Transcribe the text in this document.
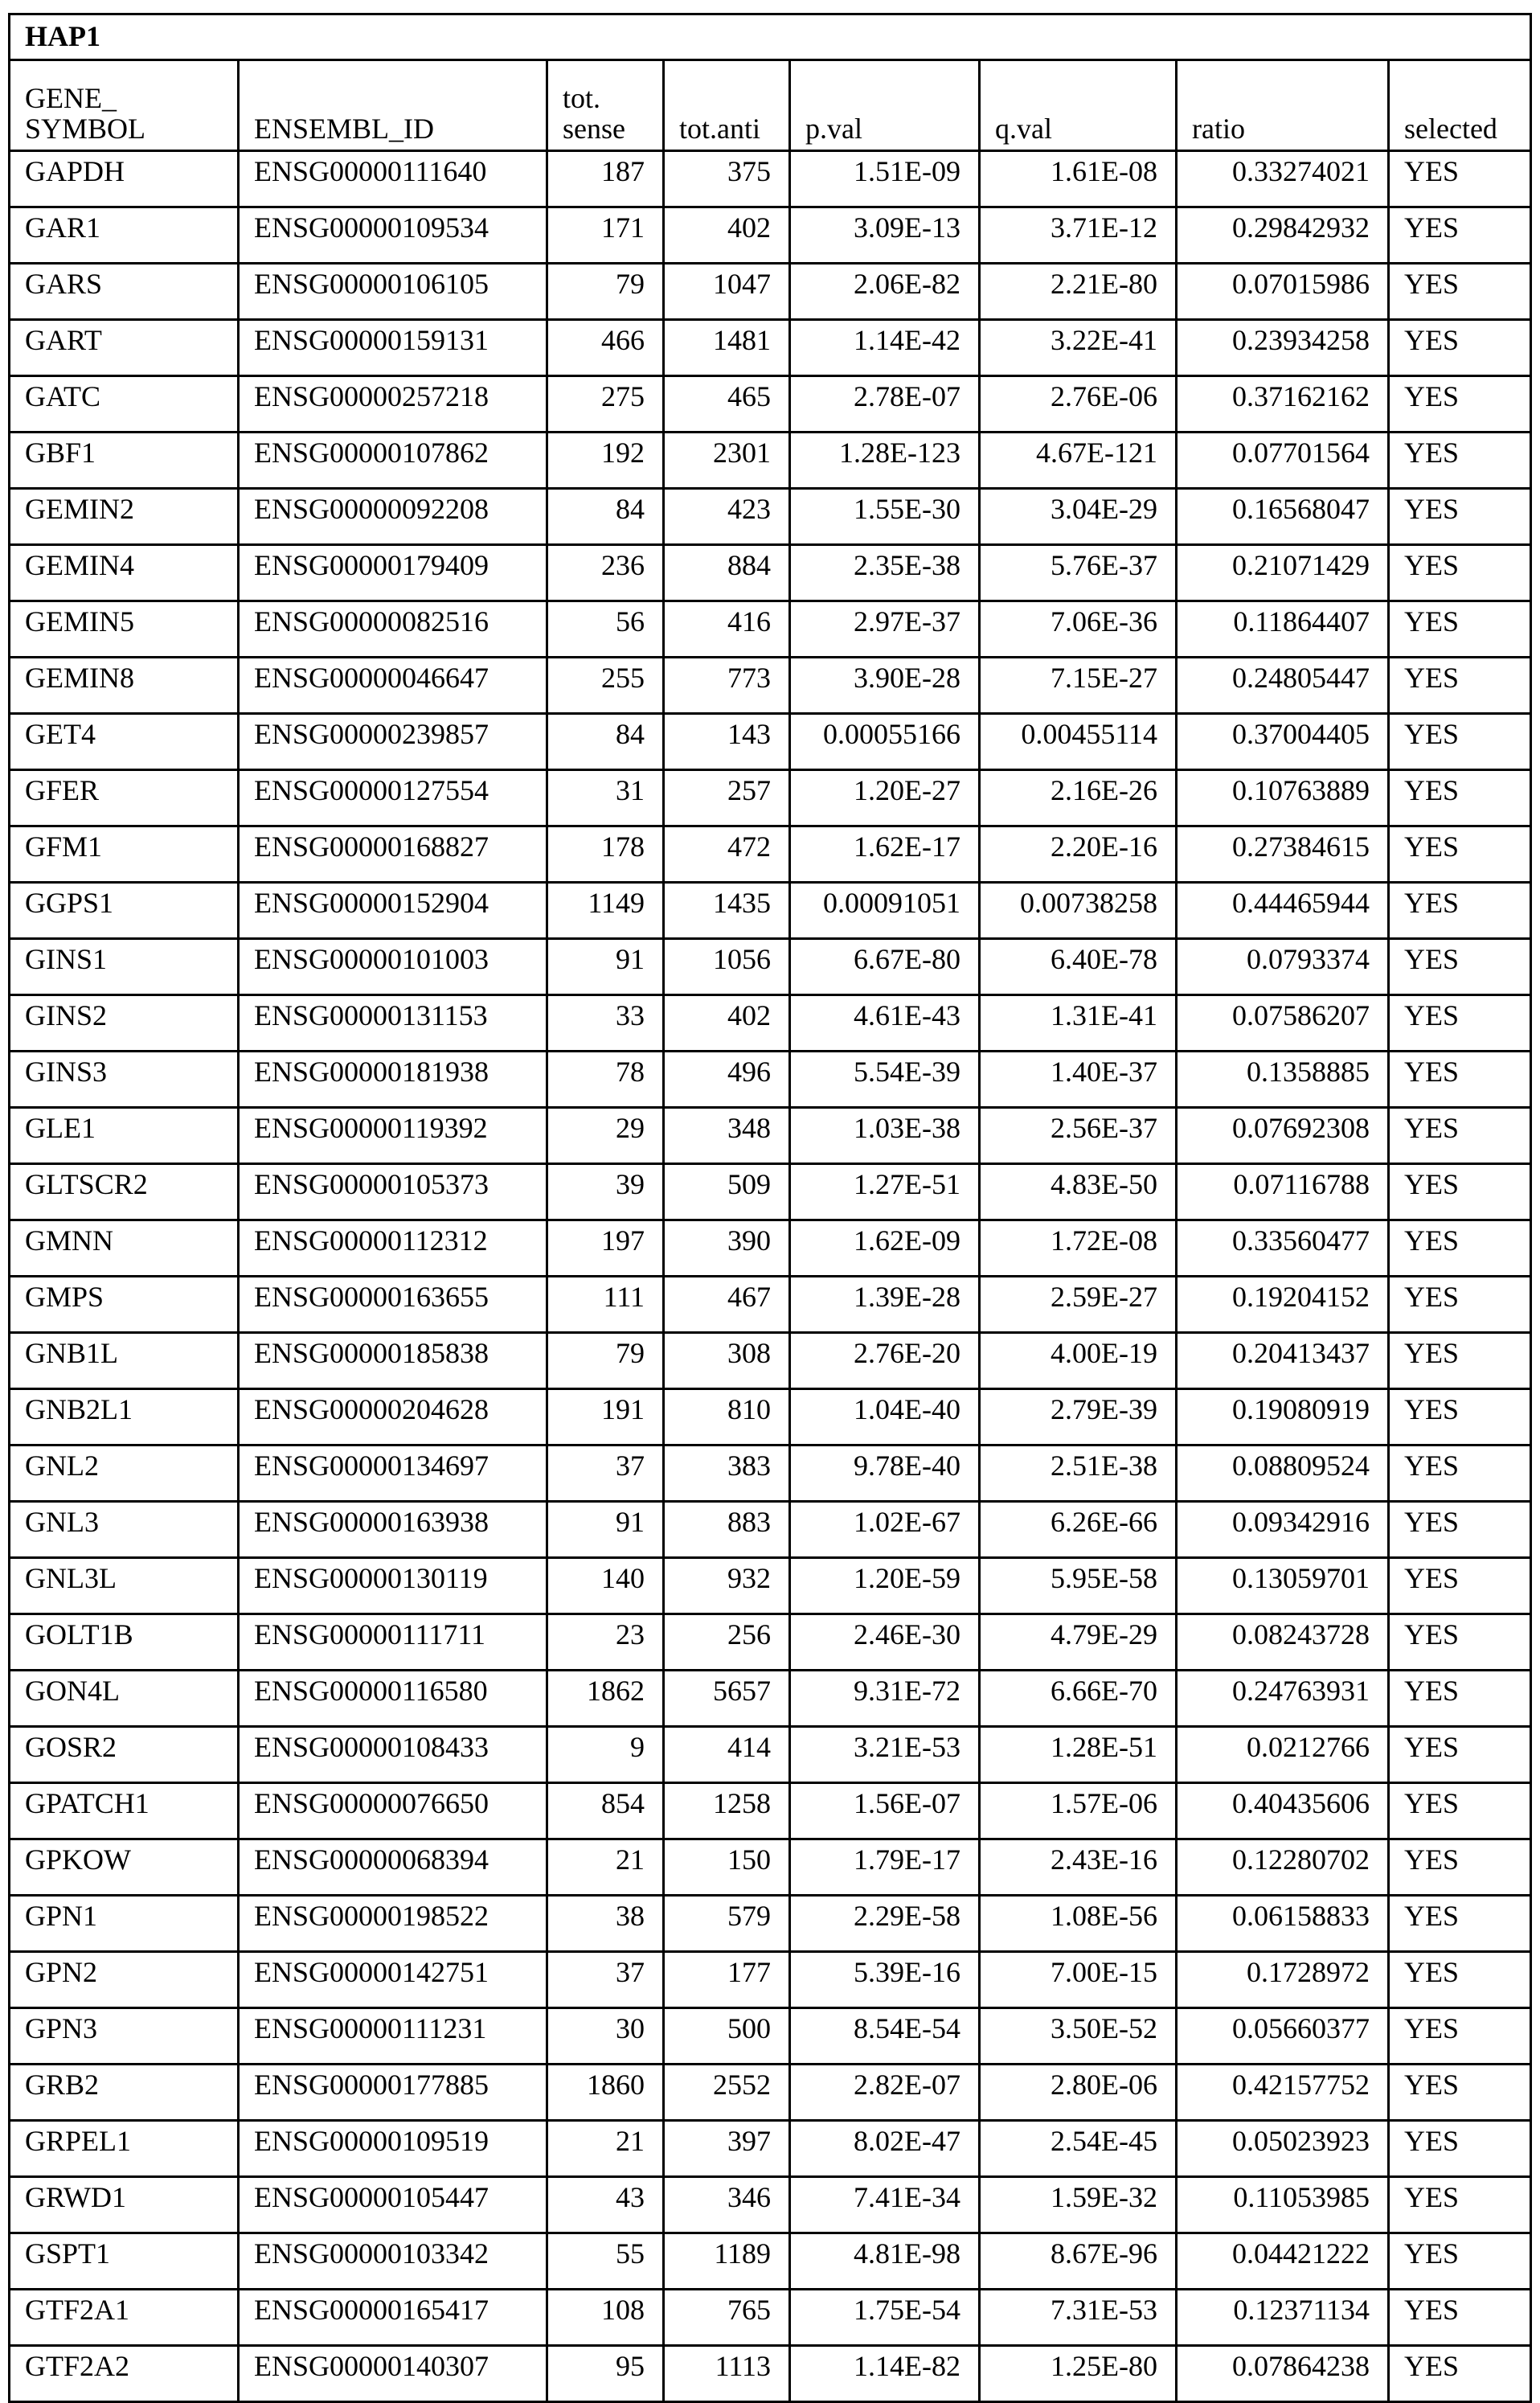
HAP1
GENE_ SYMBOL	ENSEMBL_ID	tot. sense	tot.anti	p.val	q.val	ratio	selected
GAPDH	ENSG00000111640	187	375	1.51E-09	1.61E-08	0.33274021	YES
GAR1	ENSG00000109534	171	402	3.09E-13	3.71E-12	0.29842932	YES
GARS	ENSG00000106105	79	1047	2.06E-82	2.21E-80	0.07015986	YES
GART	ENSG00000159131	466	1481	1.14E-42	3.22E-41	0.23934258	YES
GATC	ENSG00000257218	275	465	2.78E-07	2.76E-06	0.37162162	YES
GBF1	ENSG00000107862	192	2301	1.28E-123	4.67E-121	0.07701564	YES
GEMIN2	ENSG00000092208	84	423	1.55E-30	3.04E-29	0.16568047	YES
GEMIN4	ENSG00000179409	236	884	2.35E-38	5.76E-37	0.21071429	YES
GEMIN5	ENSG00000082516	56	416	2.97E-37	7.06E-36	0.11864407	YES
GEMIN8	ENSG00000046647	255	773	3.90E-28	7.15E-27	0.24805447	YES
GET4	ENSG00000239857	84	143	0.00055166	0.00455114	0.37004405	YES
GFER	ENSG00000127554	31	257	1.20E-27	2.16E-26	0.10763889	YES
GFM1	ENSG00000168827	178	472	1.62E-17	2.20E-16	0.27384615	YES
GGPS1	ENSG00000152904	1149	1435	0.00091051	0.00738258	0.44465944	YES
GINS1	ENSG00000101003	91	1056	6.67E-80	6.40E-78	0.0793374	YES
GINS2	ENSG00000131153	33	402	4.61E-43	1.31E-41	0.07586207	YES
GINS3	ENSG00000181938	78	496	5.54E-39	1.40E-37	0.1358885	YES
GLE1	ENSG00000119392	29	348	1.03E-38	2.56E-37	0.07692308	YES
GLTSCR2	ENSG00000105373	39	509	1.27E-51	4.83E-50	0.07116788	YES
GMNN	ENSG00000112312	197	390	1.62E-09	1.72E-08	0.33560477	YES
GMPS	ENSG00000163655	111	467	1.39E-28	2.59E-27	0.19204152	YES
GNB1L	ENSG00000185838	79	308	2.76E-20	4.00E-19	0.20413437	YES
GNB2L1	ENSG00000204628	191	810	1.04E-40	2.79E-39	0.19080919	YES
GNL2	ENSG00000134697	37	383	9.78E-40	2.51E-38	0.08809524	YES
GNL3	ENSG00000163938	91	883	1.02E-67	6.26E-66	0.09342916	YES
GNL3L	ENSG00000130119	140	932	1.20E-59	5.95E-58	0.13059701	YES
GOLT1B	ENSG00000111711	23	256	2.46E-30	4.79E-29	0.08243728	YES
GON4L	ENSG00000116580	1862	5657	9.31E-72	6.66E-70	0.24763931	YES
GOSR2	ENSG00000108433	9	414	3.21E-53	1.28E-51	0.0212766	YES
GPATCH1	ENSG00000076650	854	1258	1.56E-07	1.57E-06	0.40435606	YES
GPKOW	ENSG00000068394	21	150	1.79E-17	2.43E-16	0.12280702	YES
GPN1	ENSG00000198522	38	579	2.29E-58	1.08E-56	0.06158833	YES
GPN2	ENSG00000142751	37	177	5.39E-16	7.00E-15	0.1728972	YES
GPN3	ENSG00000111231	30	500	8.54E-54	3.50E-52	0.05660377	YES
GRB2	ENSG00000177885	1860	2552	2.82E-07	2.80E-06	0.42157752	YES
GRPEL1	ENSG00000109519	21	397	8.02E-47	2.54E-45	0.05023923	YES
GRWD1	ENSG00000105447	43	346	7.41E-34	1.59E-32	0.11053985	YES
GSPT1	ENSG00000103342	55	1189	4.81E-98	8.67E-96	0.04421222	YES
GTF2A1	ENSG00000165417	108	765	1.75E-54	7.31E-53	0.12371134	YES
GTF2A2	ENSG00000140307	95	1113	1.14E-82	1.25E-80	0.07864238	YES
